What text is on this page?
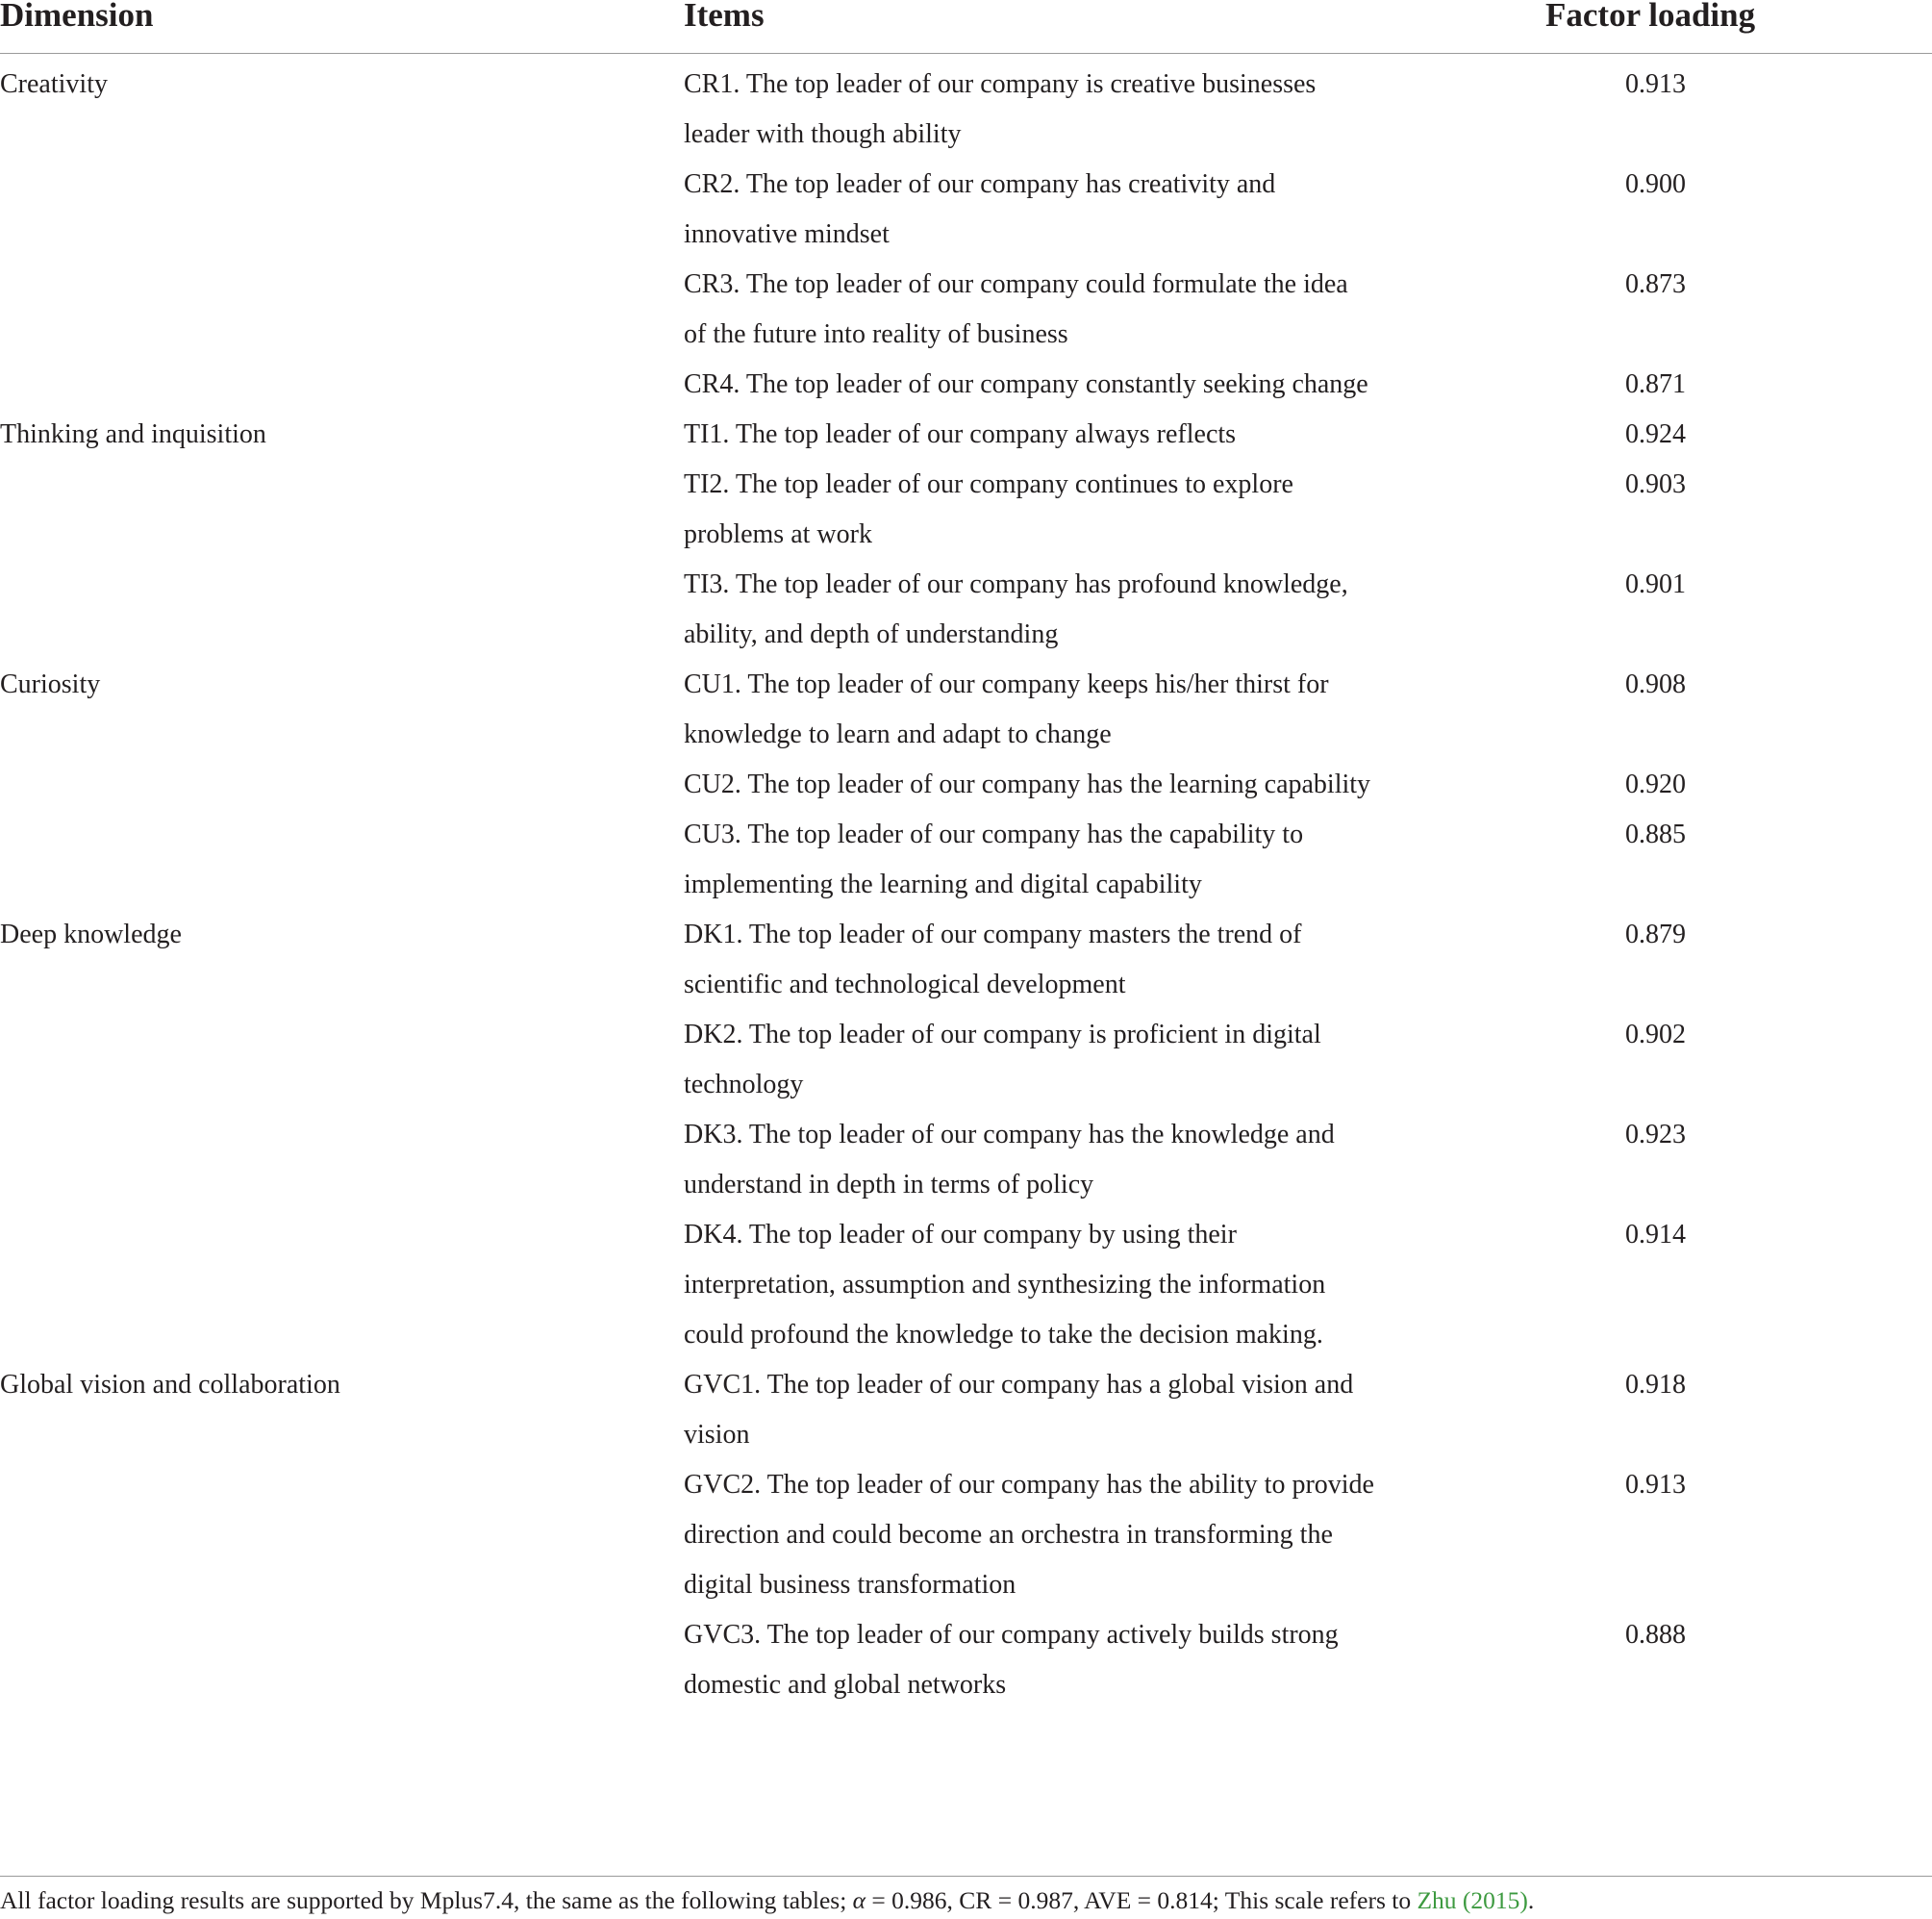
Dimension	Items	Factor loading
Creativity	CR1. The top leader of our company is creative businesses leader with though ability	0.913

	CR2. The top leader of our company has creativity and innovative mindset	0.900

	CR3. The top leader of our company could formulate the idea of the future into reality of business	0.873

	CR4. The top leader of our company constantly seeking change	0.871
Thinking and inquisition	TI1. The top leader of our company always reflects	0.924

	TI2. The top leader of our company continues to explore problems at work	0.903

	TI3. The top leader of our company has profound knowledge, ability, and depth of understanding	0.901
Curiosity	CU1. The top leader of our company keeps his/her thirst for knowledge to learn and adapt to change	0.908

	CU2. The top leader of our company has the learning capability	0.920

	CU3. The top leader of our company has the capability to implementing the learning and digital capability	0.885
Deep knowledge	DK1. The top leader of our company masters the trend of scientific and technological development	0.879

	DK2. The top leader of our company is proficient in digital technology	0.902

	DK3. The top leader of our company has the knowledge and understand in depth in terms of policy	0.923

	DK4. The top leader of our company by using their interpretation, assumption and synthesizing the information could profound the knowledge to take the decision making.	0.914
Global vision and collaboration	GVC1. The top leader of our company has a global vision and vision	0.918

	GVC2. The top leader of our company has the ability to provide direction and could become an orchestra in transforming the digital business transformation	0.913

	GVC3. The top leader of our company actively builds strong domestic and global networks	0.888
All factor loading results are supported by Mplus7.4, the same as the following tables; α = 0.986, CR = 0.987, AVE = 0.814; This scale refers to Zhu (2015).
